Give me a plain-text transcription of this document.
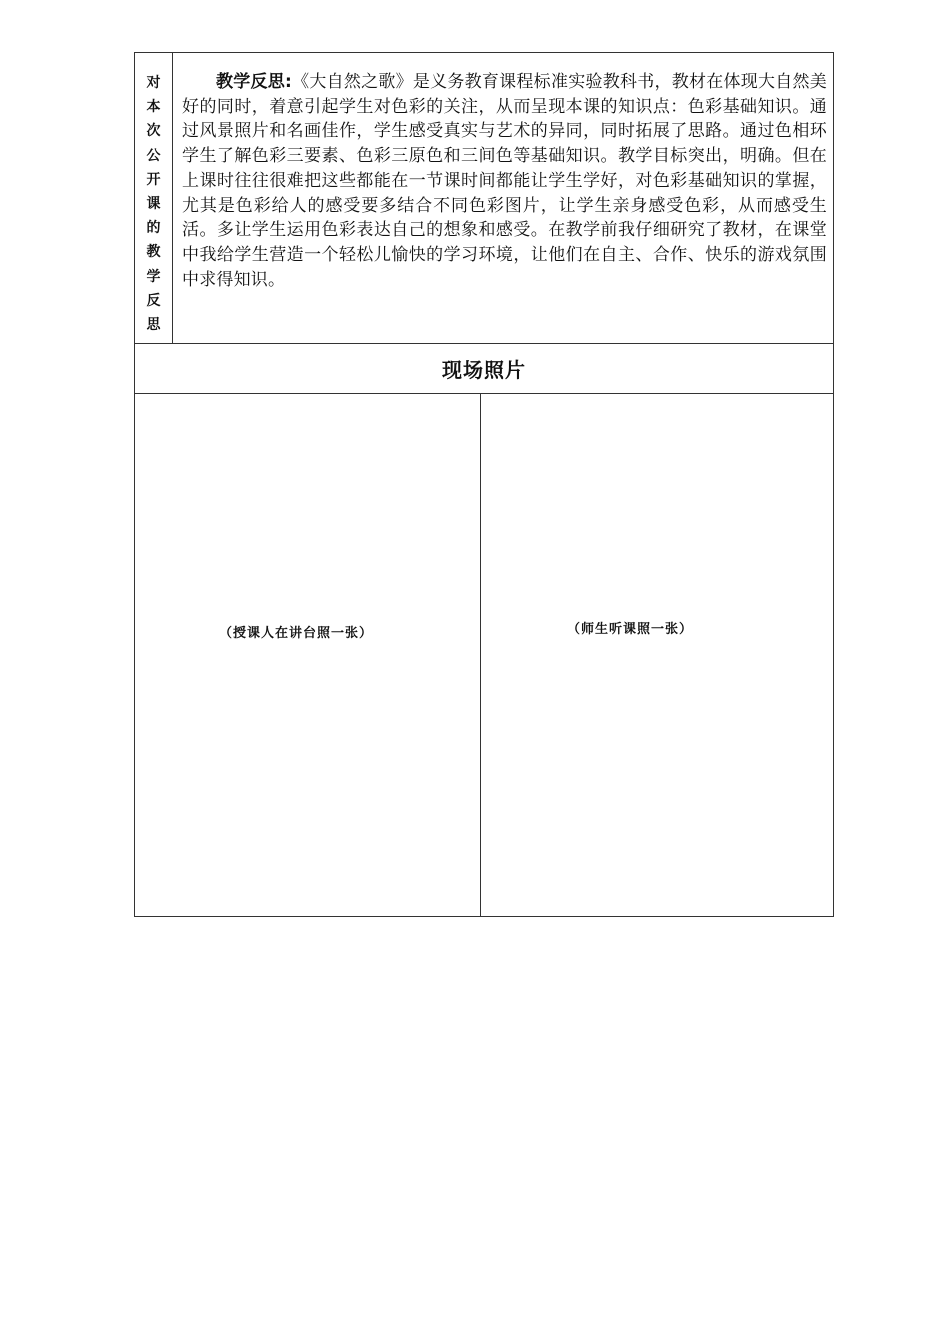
对
本
次
公
开
课
的
教
学
反
思
教学反思:《大自然之歌》是义务教育课程标准实验教科书，教材在体现大自然美好的同时，着意引起学生对色彩的关注，从而呈现本课的知识点：色彩基础知识。通过风景照片和名画佳作，学生感受真实与艺术的异同，同时拓展了思路。通过色相环学生了解色彩三要素、色彩三原色和三间色等基础知识。教学目标突出，明确。但在上课时往往很难把这些都能在一节课时间都能让学生学好，对色彩基础知识的掌握，尤其是色彩给人的感受要多结合不同色彩图片，让学生亲身感受色彩，从而感受生活。多让学生运用色彩表达自己的想象和感受。在教学前我仔细研究了教材，在课堂中我给学生营造一个轻松儿愉快的学习环境，让他们在自主、合作、快乐的游戏氛围中求得知识。
现场照片
（授课人在讲台照一张）	（师生听课照一张）
